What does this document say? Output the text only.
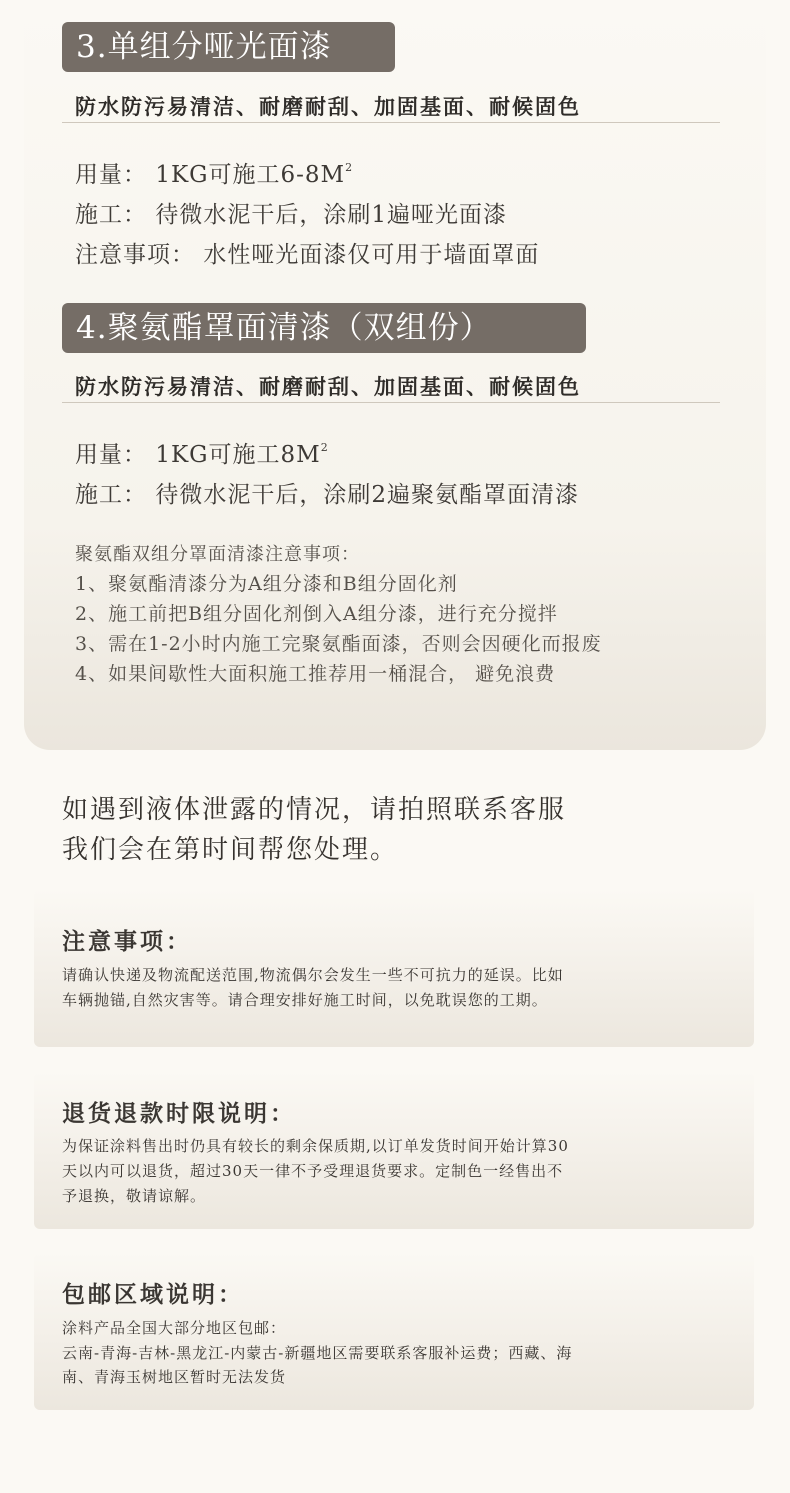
3.单组分哑光面漆
防水防污易清洁、耐磨耐刮、加固基面、耐候固色
用量： 1KG可施工$6-8M^2$
施工： 待微水泥干后，涂刷1遍哑光面漆
注意事项： 水性哑光面漆仅可用于墙面罩面
4.聚氨酯罩面清漆（双组份）
防水防污易清洁、耐磨耐刮、加固基面、耐候固色
用量： 1KG可施工$8M^2$
施工： 待微水泥干后，涂刷2遍聚氨酯罩面清漆
聚氨酯双组分罩面清漆注意事项：
1、聚氨酯清漆分为A组分漆和B组分固化剂
2、施工前把B组分固化剂倒入A组分漆，进行充分搅拌
3、需在1-2小时内施工完聚氨酯面漆，否则会因硬化而报废
4、如果间歇性大面积施工推荐用一桶混合， 避免浪费
如遇到液体泄露的情况，请拍照联系客服
我们会在第时间帮您处理。
注意事项：
请确认快递及物流配送范围,物流偶尔会发生一些不可抗力的延误。比如
车辆抛锚,自然灾害等。请合理安排好施工时间，以免耽误您的工期。
退货退款时限说明：
为保证涂料售出时仍具有较长的剩余保质期,以订单发货时间开始计算30
天以内可以退货，超过30天一律不予受理退货要求。定制色一经售出不
予退换，敬请谅解。
包邮区域说明：
涂料产品全国大部分地区包邮：
云南-青海-吉林-黑龙江-内蒙古-新疆地区需要联系客服补运费；西藏、海
南、青海玉树地区暂时无法发货
